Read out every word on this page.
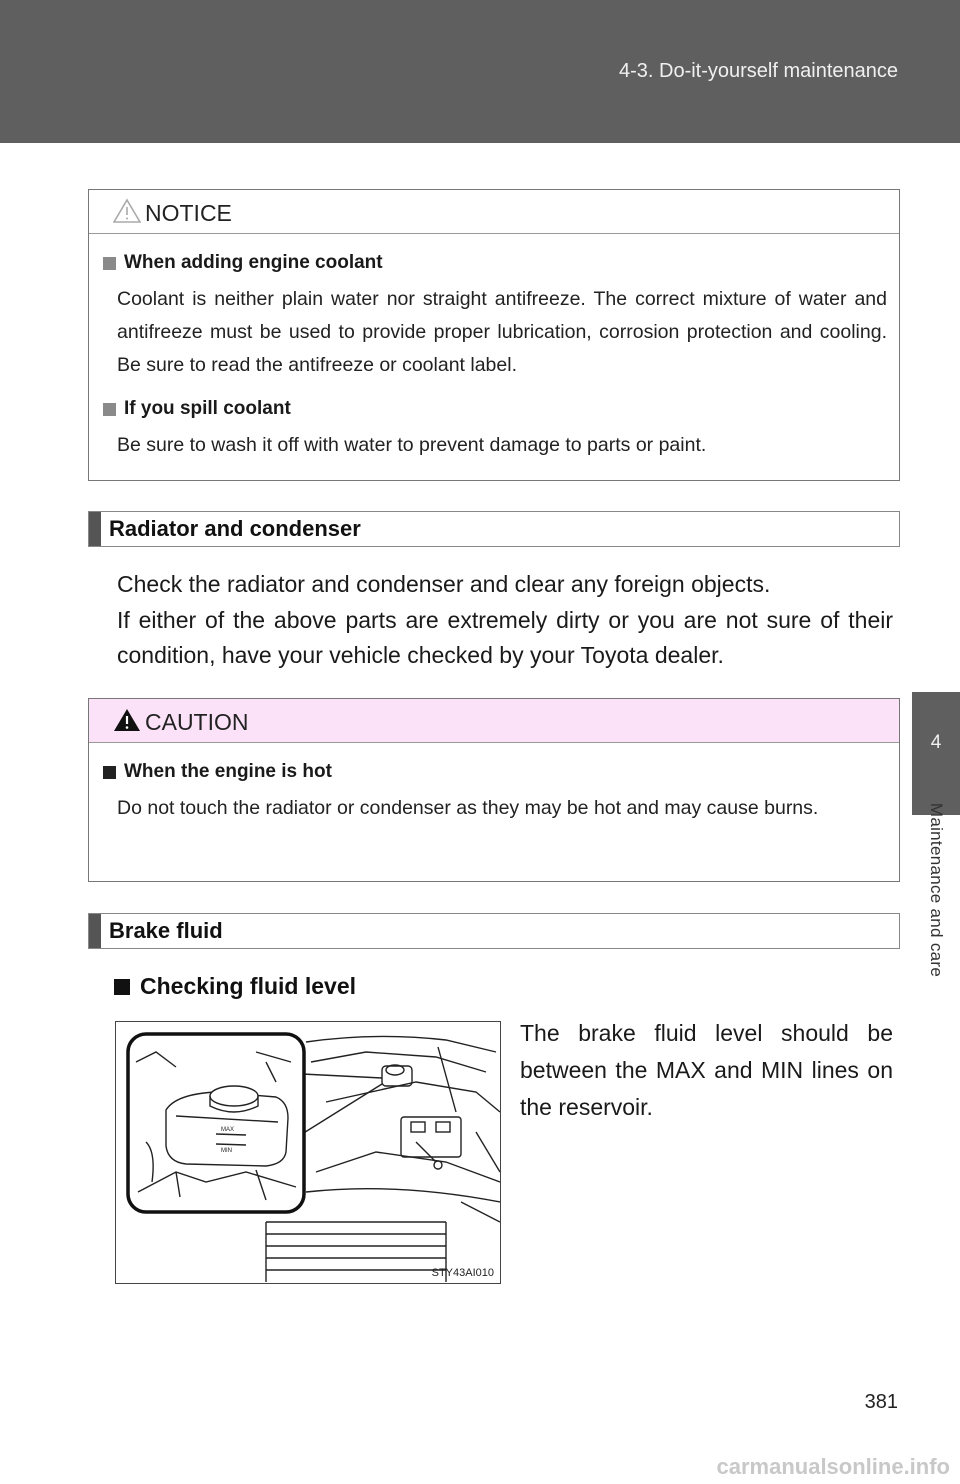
4-3. Do-it-yourself maintenance
4
Maintenance and care
NOTICE
When adding engine coolant
Coolant is neither plain water nor straight antifreeze. The correct mixture of water and antifreeze must be used to provide proper lubrication, corrosion protection and cooling. Be sure to read the antifreeze or coolant label.
If you spill coolant
Be sure to wash it off with water to prevent damage to parts or paint.
Radiator and condenser
Check the radiator and condenser and clear any foreign objects.
If either of the above parts are extremely dirty or you are not sure of their condition, have your vehicle checked by your Toyota dealer.
CAUTION
When the engine is hot
Do not touch the radiator or condenser as they may be hot and may cause burns.
Brake fluid
Checking fluid level
MAX
MIN
STY43AI010
The brake fluid level should be between the MAX and MIN lines on the reservoir.
381
carmanualsonline.info
